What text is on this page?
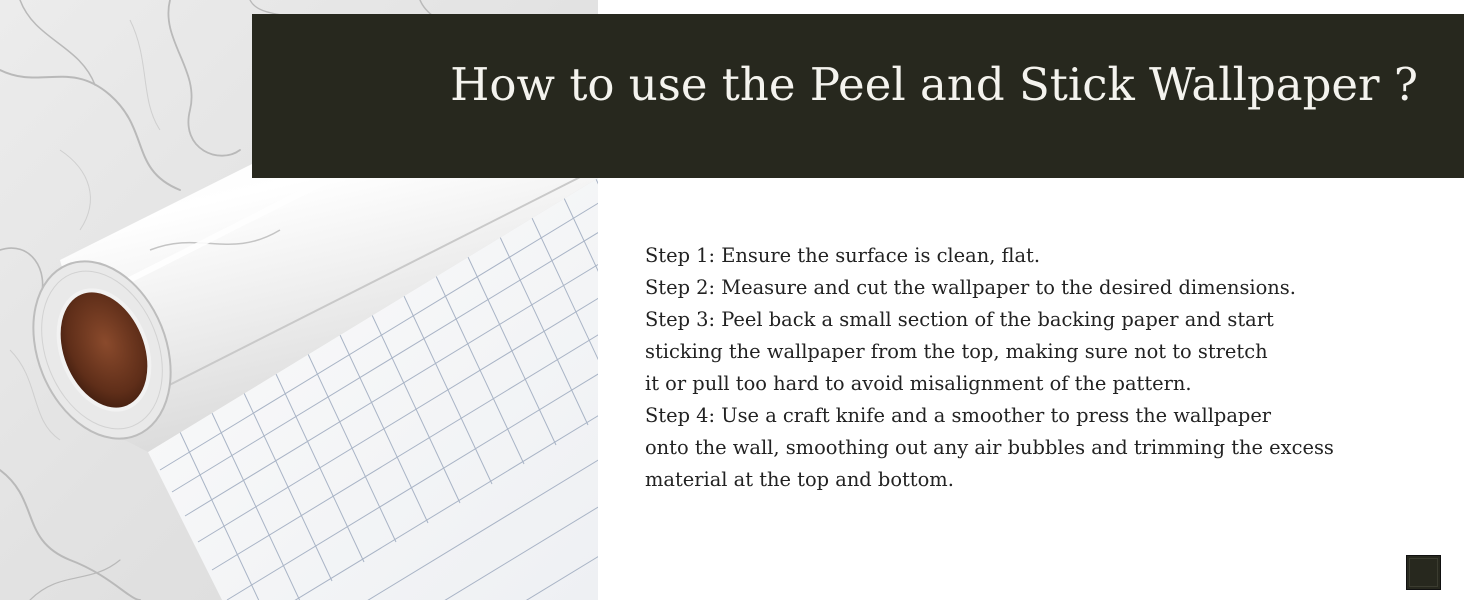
How to use the Peel and Stick Wallpaper ?
Step 1: Ensure the surface is clean, flat.
Step 2: Measure and cut the wallpaper to the desired dimensions.
Step 3: Peel back a small section of the backing paper and start
sticking the wallpaper from the top, making sure not to stretch
it or pull too hard to avoid misalignment of the pattern.
Step 4: Use a craft knife and a smoother to press the wallpaper
onto the wall, smoothing out any air bubbles and trimming the excess
material at the top and bottom.
